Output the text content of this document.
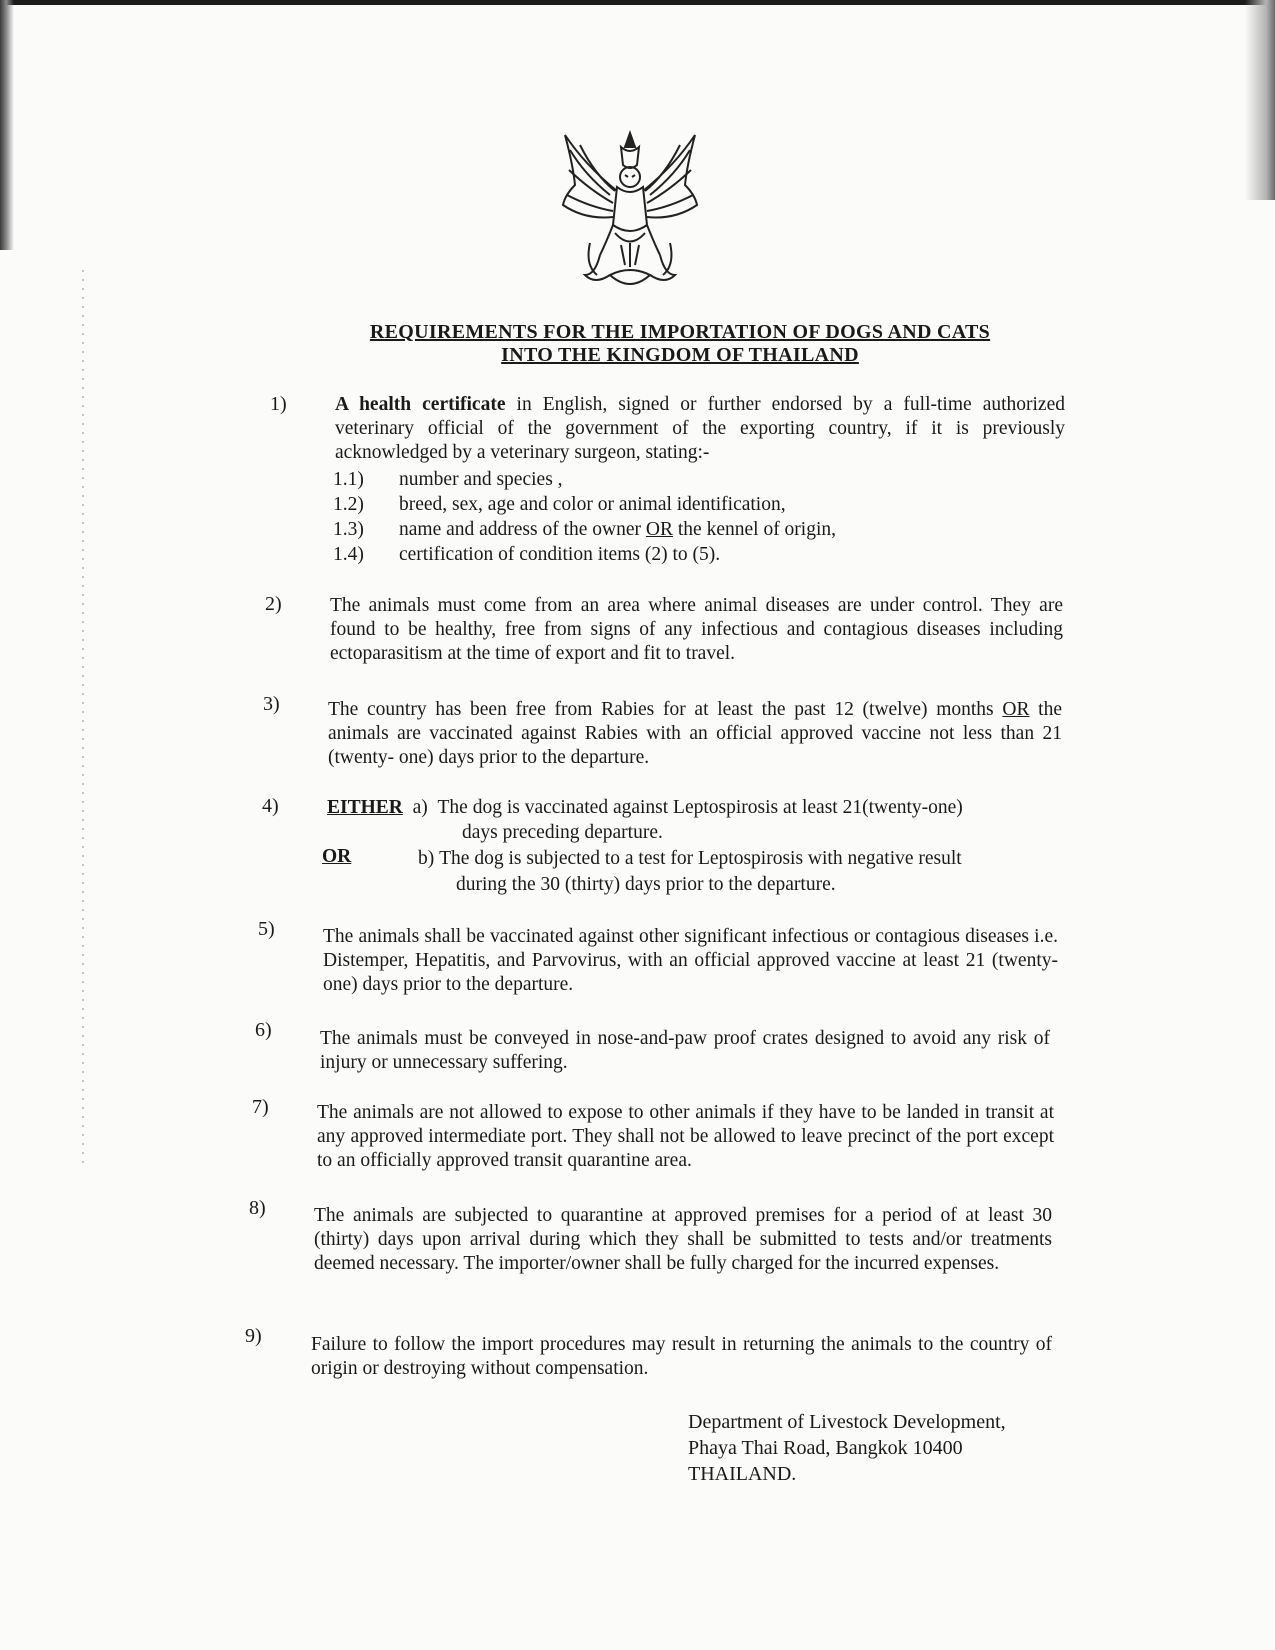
REQUIREMENTS FOR THE IMPORTATION OF DOGS AND CATS
INTO THE KINGDOM OF THAILAND
1) A health certificate in English, signed or further endorsed by a full-time authorized veterinary official of the government of the exporting country, if it is previously acknowledged by a veterinary surgeon, stating:-
1.1) number and species ,
1.2) breed, sex, age and color or animal identification,
1.3) name and address of the owner OR the kennel of origin,
1.4) certification of condition items (2) to (5).
2) The animals must come from an area where animal diseases are under control. They are found to be healthy, free from signs of any infectious and contagious diseases including ectoparasitism at the time of export and fit to travel.
3) The country has been free from Rabies for at least the past 12 (twelve) months OR the animals are vaccinated against Rabies with an official approved vaccine not less than 21 (twenty- one) days prior to the departure.
4) EITHER a) The dog is vaccinated against Leptospirosis at least 21(twenty-one)
days preceding departure.
OR	b) The dog is subjected to a test for Leptospirosis with negative result
during the 30 (thirty) days prior to the departure.
5) The animals shall be vaccinated against other significant infectious or contagious diseases i.e. Distemper, Hepatitis, and Parvovirus, with an official approved vaccine at least 21 (twenty-one) days prior to the departure.
6) The animals must be conveyed in nose-and-paw proof crates designed to avoid any risk of injury or unnecessary suffering.
7) The animals are not allowed to expose to other animals if they have to be landed in transit at any approved intermediate port. They shall not be allowed to leave precinct of the port except to an officially approved transit quarantine area.
8) The animals are subjected to quarantine at approved premises for a period of at least 30 (thirty) days upon arrival during which they shall be submitted to tests and/or treatments deemed necessary. The importer/owner shall be fully charged for the incurred expenses.
9)	Failure to follow the import procedures may result in returning the animals to the country of origin or destroying without compensation.
Department of Livestock Development,
Phaya Thai Road, Bangkok 10400
THAILAND.
